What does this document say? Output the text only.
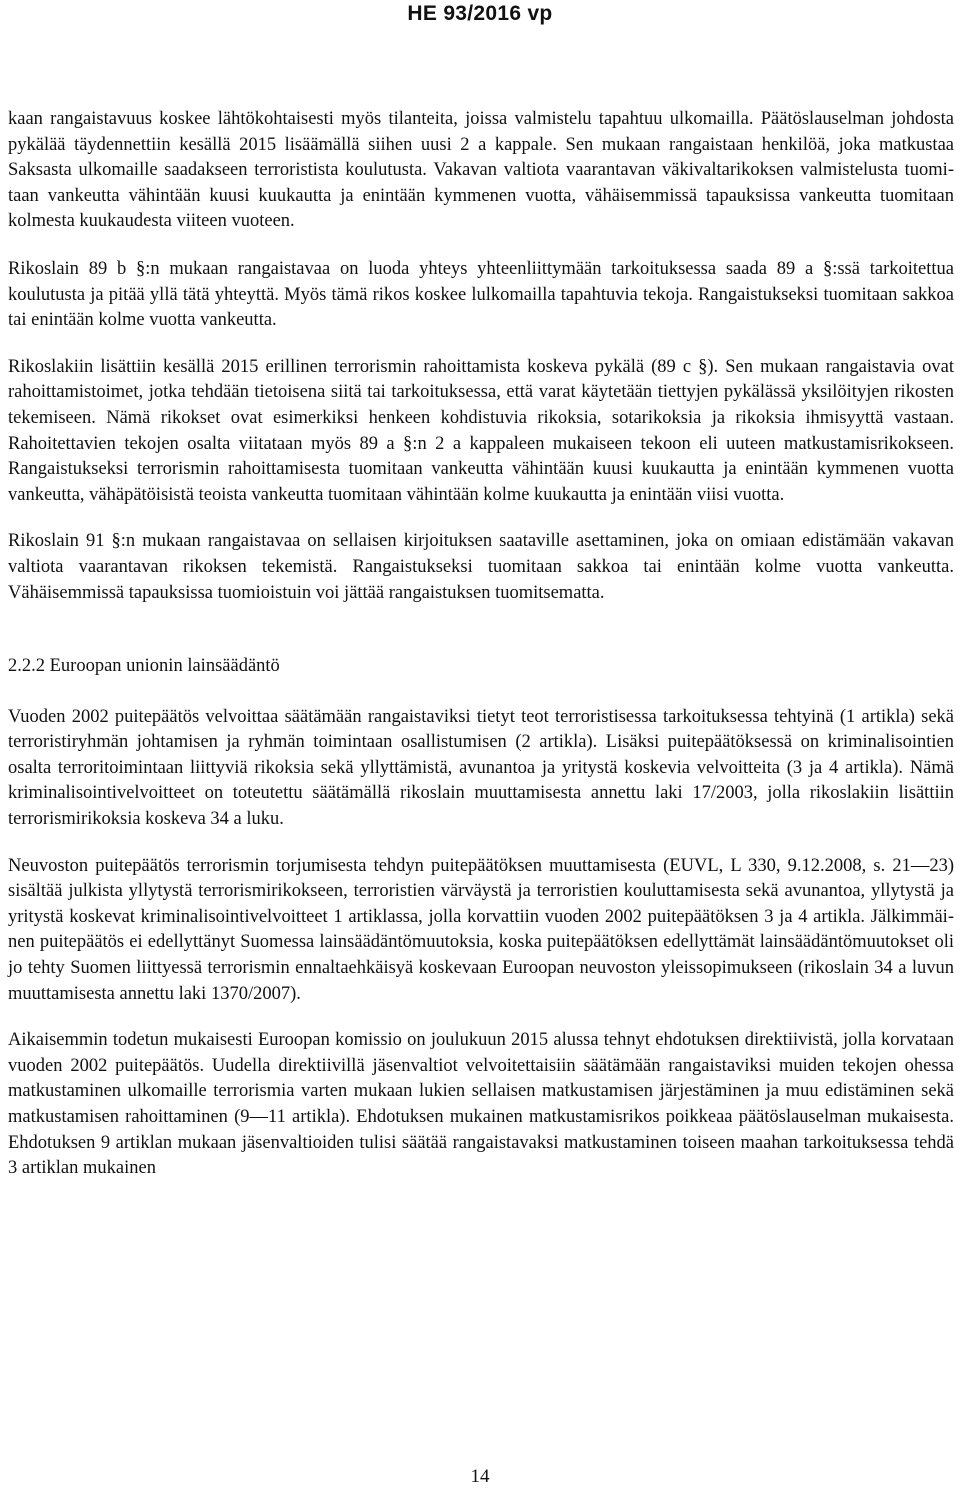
HE 93/2016 vp

kaan rangaistavuus koskee lähtökohtaisesti myös tilanteita, joissa valmistelu tapahtuu ulkomailla. Päätöslauselman johdosta pykälää täydennettiin kesällä 2015 lisäämällä siihen uusi 2 a kappale. Sen mukaan rangaistaan henkilöä, joka matkustaa Saksasta ulkomaille saadakseen terroristista koulutusta. Vakavan valtiota vaarantavan väkivaltarikoksen valmistelusta tuomitaan vankeutta vähintään kuusi kuukautta ja enintään kymmenen vuotta, vähäisemmissä tapauksissa vankeutta tuomitaan kolmesta kuukaudesta viiteen vuoteen.

Rikoslain 89 b §:n mukaan rangaistavaa on luoda yhteys yhteenliittymään tarkoituksessa saada 89 a §:ssä tarkoitettua koulutusta ja pitää yllä tätä yhteyttä. Myös tämä rikos koskee lulkomailla tapahtuvia tekoja. Rangaistukseksi tuomitaan sakkoa tai enintään kolme vuotta vankeutta.

Rikoslakiin lisättiin kesällä 2015 erillinen terrorismin rahoittamista koskeva pykälä (89 c §). Sen mukaan rangaistavia ovat rahoittamistoimet, jotka tehdään tietoisena siitä tai tarkoituksessa, että varat käytetään tiettyjen pykälässä yksilöityjen rikosten tekemiseen. Nämä rikokset ovat esimerkiksi henkeen kohdistuvia rikoksia, sotarikoksia ja rikoksia ihmisyyttä vastaan. Rahoitettavien tekojen osalta viitataan myös 89 a §:n 2 a kappaleen mukaiseen tekoon eli uuteen matkustamisrikokseen. Rangaistukseksi terrorismin rahoittamisesta tuomitaan vankeutta vähintään kuusi kuukautta ja enintään kymmenen vuotta vankeutta, vähäpätöisistä teoista vankeutta tuomitaan vähintään kolme kuukautta ja enintään viisi vuotta.

Rikoslain 91 §:n mukaan rangaistavaa on sellaisen kirjoituksen saataville asettaminen, joka on omiaan edistämään vakavan valtiota vaarantavan rikoksen tekemistä. Rangaistukseksi tuomitaan sakkoa tai enintään kolme vuotta vankeutta. Vähäisemmissä tapauksissa tuomioistuin voi jättää rangaistuksen tuomitsematta.

2.2.2 Euroopan unionin lainsäädäntö

Vuoden 2002 puitepäätös velvoittaa säätämään rangaistaviksi tietyt teot terroristisessa tarkoituksessa tehtyinä (1 artikla) sekä terroristiryhmän johtamisen ja ryhmän toimintaan osallistumisen (2 artikla). Lisäksi puitepäätöksessä on kriminalisointien osalta terroritoimintaan liittyviä rikoksia sekä yllyttämistä, avunantoa ja yritystä koskevia velvoitteita (3 ja 4 artikla). Nämä kriminalisointivelvoitteet on toteutettu säätämällä rikoslain muuttamisesta annettu laki 17/2003, jolla rikoslakiin lisättiin terrorismirikoksia koskeva 34 a luku.

Neuvoston puitepäätös terrorismin torjumisesta tehdyn puitepäätöksen muuttamisesta (EUVL, L 330, 9.12.2008, s. 21—23) sisältää julkista yllytystä terrorismirikokseen, terroristien värväystä ja terroristien kouluttamisesta sekä avunantoa, yllytystä ja yritystä koskevat kriminalisointivelvoitteet 1 artiklassa, jolla korvattiin vuoden 2002 puitepäätöksen 3 ja 4 artikla. Jälkimmäinen puitepäätös ei edellyttänyt Suomessa lainsäädäntömuutoksia, koska puitepäätöksen edellyttämät lainsäädäntömuutokset oli jo tehty Suomen liittyessä terrorismin ennaltaehkäisyä koskevaan Euroopan neuvoston yleissopimukseen (rikoslain 34 a luvun muuttamisesta annettu laki 1370/2007).

Aikaisemmin todetun mukaisesti Euroopan komissio on joulukuun 2015 alussa tehnyt ehdotuksen direktiivistä, jolla korvataan vuoden 2002 puitepäätös. Uudella direktiivillä jäsenvaltiot velvoitettaisiin säätämään rangaistaviksi muiden tekojen ohessa matkustaminen ulkomaille terrorismia varten mukaan lukien sellaisen matkustamisen järjestäminen ja muu edistäminen sekä matkustamisen rahoittaminen (9—11 artikla). Ehdotuksen mukainen matkustamisrikos poikkeaa päätöslauselman mukaisesta. Ehdotuksen 9 artiklan mukaan jäsenvaltioiden tulisi säätää rangaistavaksi matkustaminen toiseen maahan tarkoituksessa tehdä 3 artiklan mukainen

14
